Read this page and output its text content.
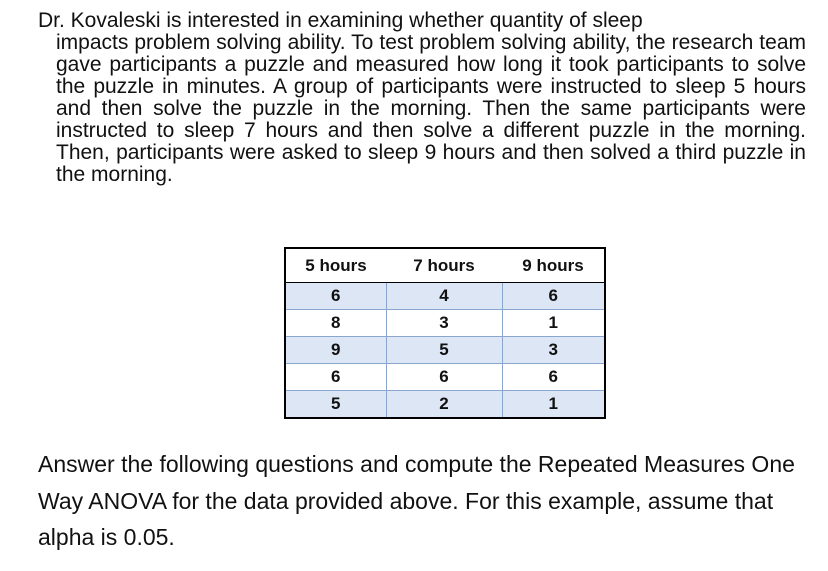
Dr. Kovaleski is interested in examining whether quantity of sleep
impacts problem solving ability. To test problem solving ability, the research team gave participants a puzzle and measured how long it took participants to solve the puzzle in minutes. A group of participants were instructed to sleep 5 hours and then solve the puzzle in the morning. Then the same participants were instructed to sleep 7 hours and then solve a different puzzle in the morning. Then, participants were asked to sleep 9 hours and then solved a third puzzle in the morning.

5 hours	7 hours	9 hours
6	4	6
8	3	1
9	5	3
6	6	6
5	2	1

Answer the following questions and compute the Repeated Measures One Way ANOVA for the data provided above. For this example, assume that alpha is 0.05.
